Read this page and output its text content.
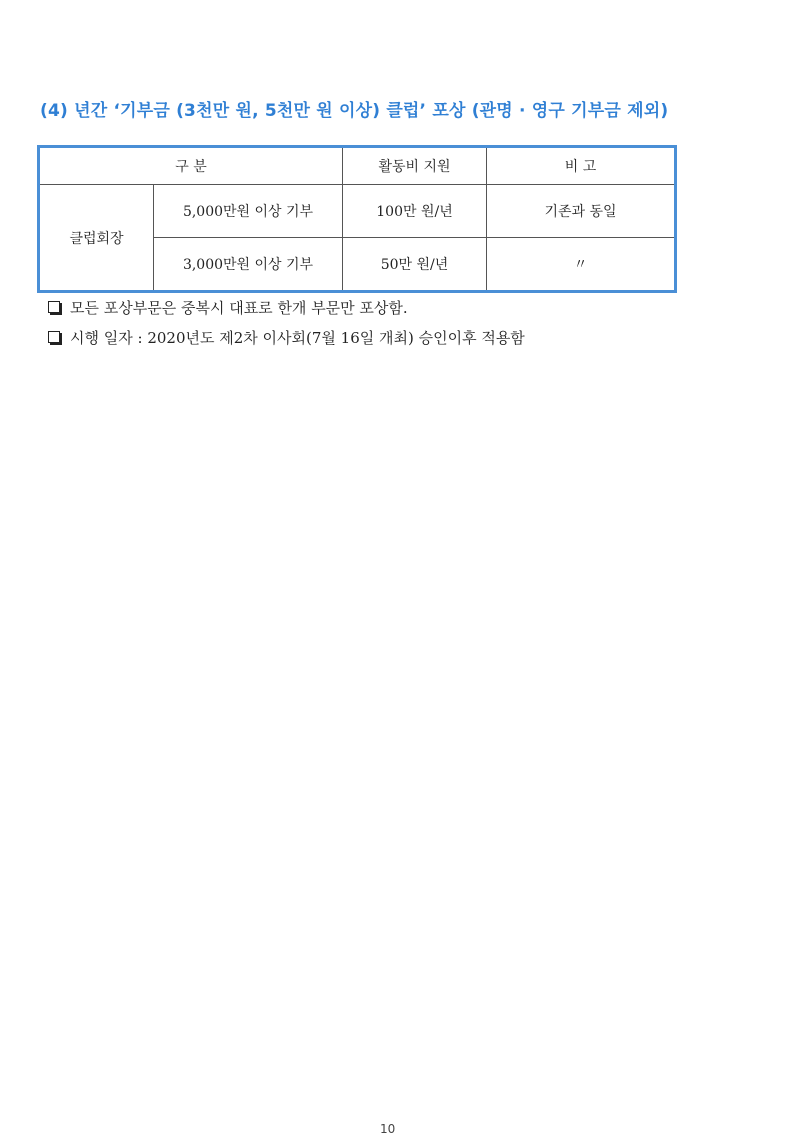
(4) 년간 ‘기부금 (3천만 원, 5천만 원 이상) 클럽’ 포상 (관명 · 영구 기부금 제외)
구 분		활동비 지원	비 고
클럽회장	5,000만원 이상 기부	100만 원/년	기존과 동일
	3,000만원 이상 기부	50만 원/년	〃
모든 포상부문은 중복시 대표로 한개 부문만 포상함.
시행 일자 : 2020년도 제2차 이사회(7월 16일 개최) 승인이후 적용함
10
